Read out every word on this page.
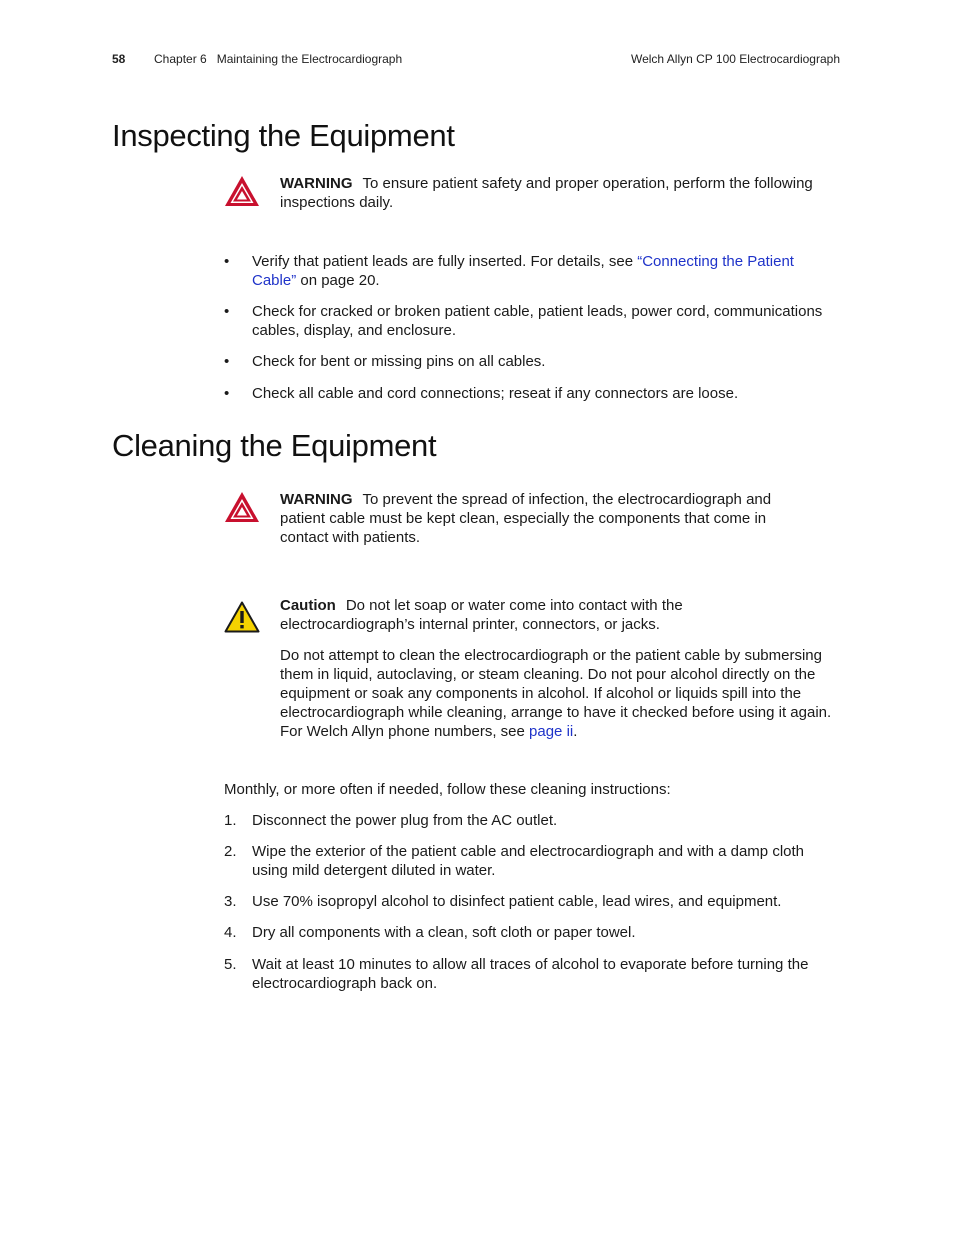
58 Chapter 6   Maintaining the Electrocardiograph	Welch Allyn CP 100 Electrocardiograph
Inspecting the Equipment

WARNING To ensure patient safety and proper operation, perform the following inspections daily.

• Verify that patient leads are fully inserted. For details, see “Connecting the Patient Cable” on page 20.
• Check for cracked or broken patient cable, patient leads, power cord, communications cables, display, and enclosure.
• Check for bent or missing pins on all cables.
• Check all cable and cord connections; reseat if any connectors are loose.
Cleaning the Equipment

WARNING To prevent the spread of infection, the electrocardiograph and patient cable must be kept clean, especially the components that come in contact with patients.

Caution Do not let soap or water come into contact with the electrocardiograph’s internal printer, connectors, or jacks.

Do not attempt to clean the electrocardiograph or the patient cable by submersing them in liquid, autoclaving, or steam cleaning. Do not pour alcohol directly on the equipment or soak any components in alcohol. If alcohol or liquids spill into the electrocardiograph while cleaning, arrange to have it checked before using it again. For Welch Allyn phone numbers, see page ii.

Monthly, or more often if needed, follow these cleaning instructions:
1. Disconnect the power plug from the AC outlet.
2. Wipe the exterior of the patient cable and electrocardiograph and with a damp cloth using mild detergent diluted in water.
3. Use 70% isopropyl alcohol to disinfect patient cable, lead wires, and equipment.
4. Dry all components with a clean, soft cloth or paper towel.
5. Wait at least 10 minutes to allow all traces of alcohol to evaporate before turning the electrocardiograph back on.
